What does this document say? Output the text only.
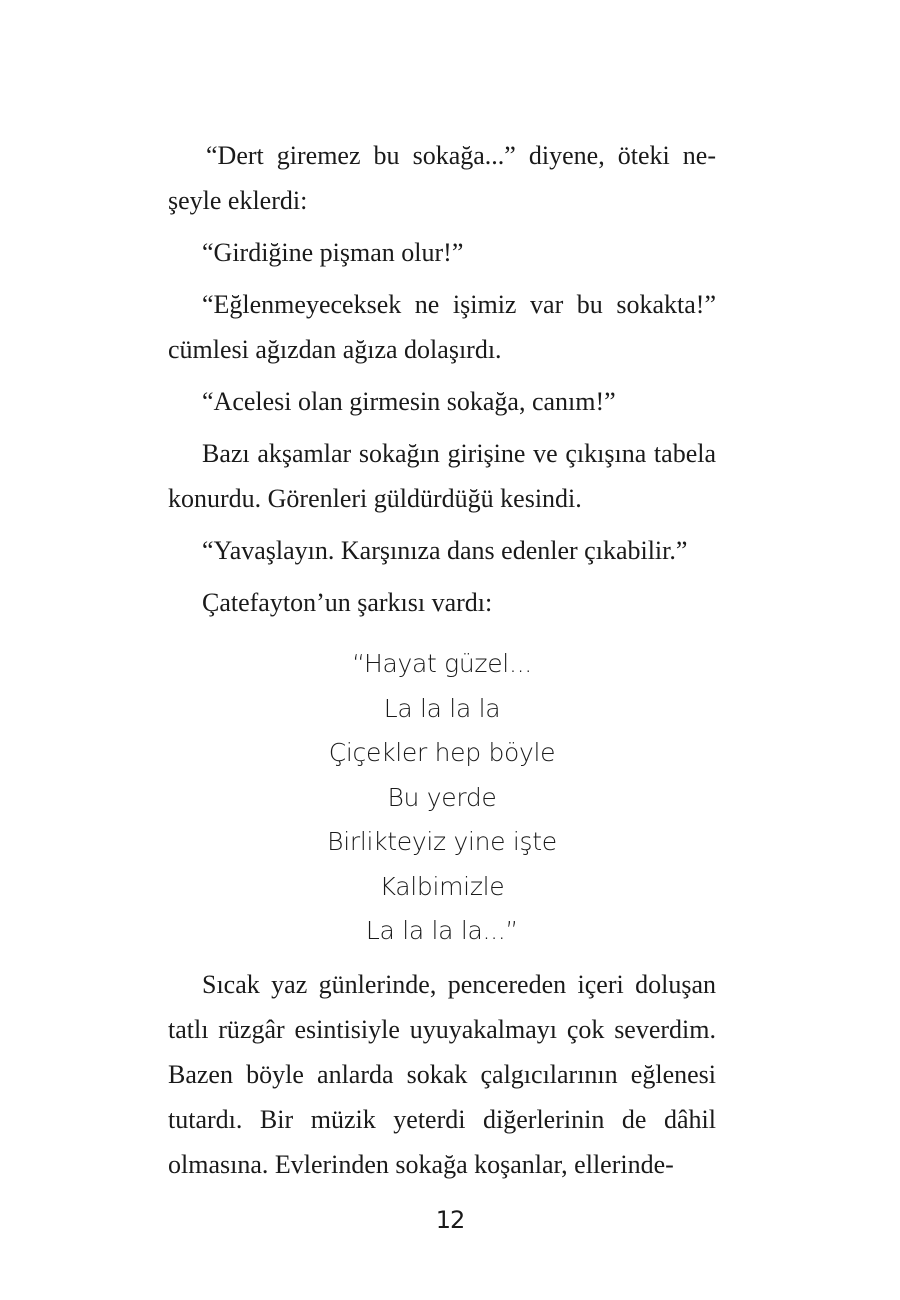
“Dert giremez bu sokağa...” diyene, öteki neşeyle eklerdi:

“Girdiğine pişman olur!”

“Eğlenmeyeceksek ne işimiz var bu sokakta!” cümlesi ağızdan ağıza dolaşırdı.

“Acelesi olan girmesin sokağa, canım!”

Bazı akşamlar sokağın girişine ve çıkışına tabela konurdu. Görenleri güldürdüğü kesindi.

“Yavaşlayın. Karşınıza dans edenler çıkabilir.”

Çatefayton’un şarkısı vardı:

“Hayat güzel...
La la la la
Çiçekler hep böyle
Bu yerde
Birlikteyiz yine işte
Kalbimizle
La la la la...”

Sıcak yaz günlerinde, pencereden içeri doluşan tatlı rüzgâr esintisiyle uyuyakalmayı çok severdim. Bazen böyle anlarda sokak çalgıcılarının eğlenesi tutardı. Bir müzik yeterdi diğerlerinin de dâhil olmasına. Evlerinden sokağa koşanlar, ellerinde-

12
